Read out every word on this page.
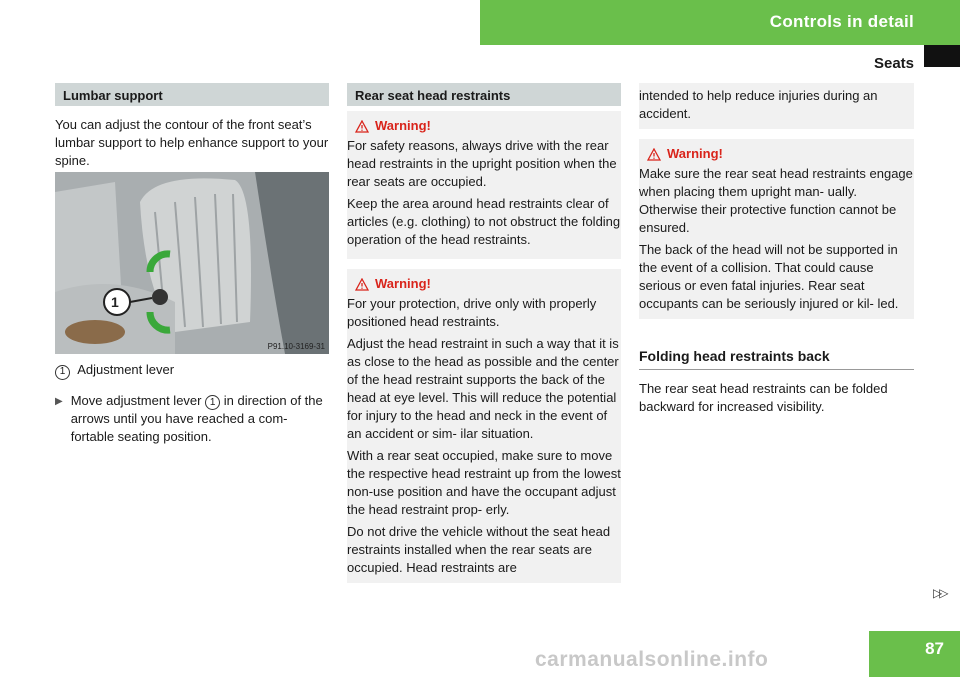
Controls in detail
Seats
Lumbar support

You can adjust the contour of the front seat’s lumbar support to help enhance support to your spine.

P91.10-3169-31
1

1 Adjustment lever

▶ Move adjustment lever 1 in direction of the arrows until you have reached a com- fortable seating position.
Rear seat head restraints
Warning!

For safety reasons, always drive with the rear head restraints in the upright position when the rear seats are occupied.

Keep the area around head restraints clear of articles (e.g. clothing) to not obstruct the folding operation of the head restraints.

Warning!

For your protection, drive only with properly positioned head restraints.

Adjust the head restraint in such a way that it is as close to the head as possible and the center of the head restraint supports the back of the head at eye level. This will reduce the potential for injury to the head and neck in the event of an accident or sim- ilar situation.

With a rear seat occupied, make sure to move the respective head restraint up from the lowest non-use position and have the occupant adjust the head restraint prop- erly.

Do not drive the vehicle without the seat head restraints installed when the rear seats are occupied. Head restraints are

intended to help reduce injuries during an accident.

Warning!

Make sure the rear seat head restraints engage when placing them upright man- ually. Otherwise their protective function cannot be ensured.

The back of the head will not be supported in the event of a collision. That could cause serious or even fatal injuries. Rear seat occupants can be seriously injured or kil- led.

Folding head restraints back

The rear seat head restraints can be folded backward for increased visibility.

▷▷
87
carmanualsonline.info
